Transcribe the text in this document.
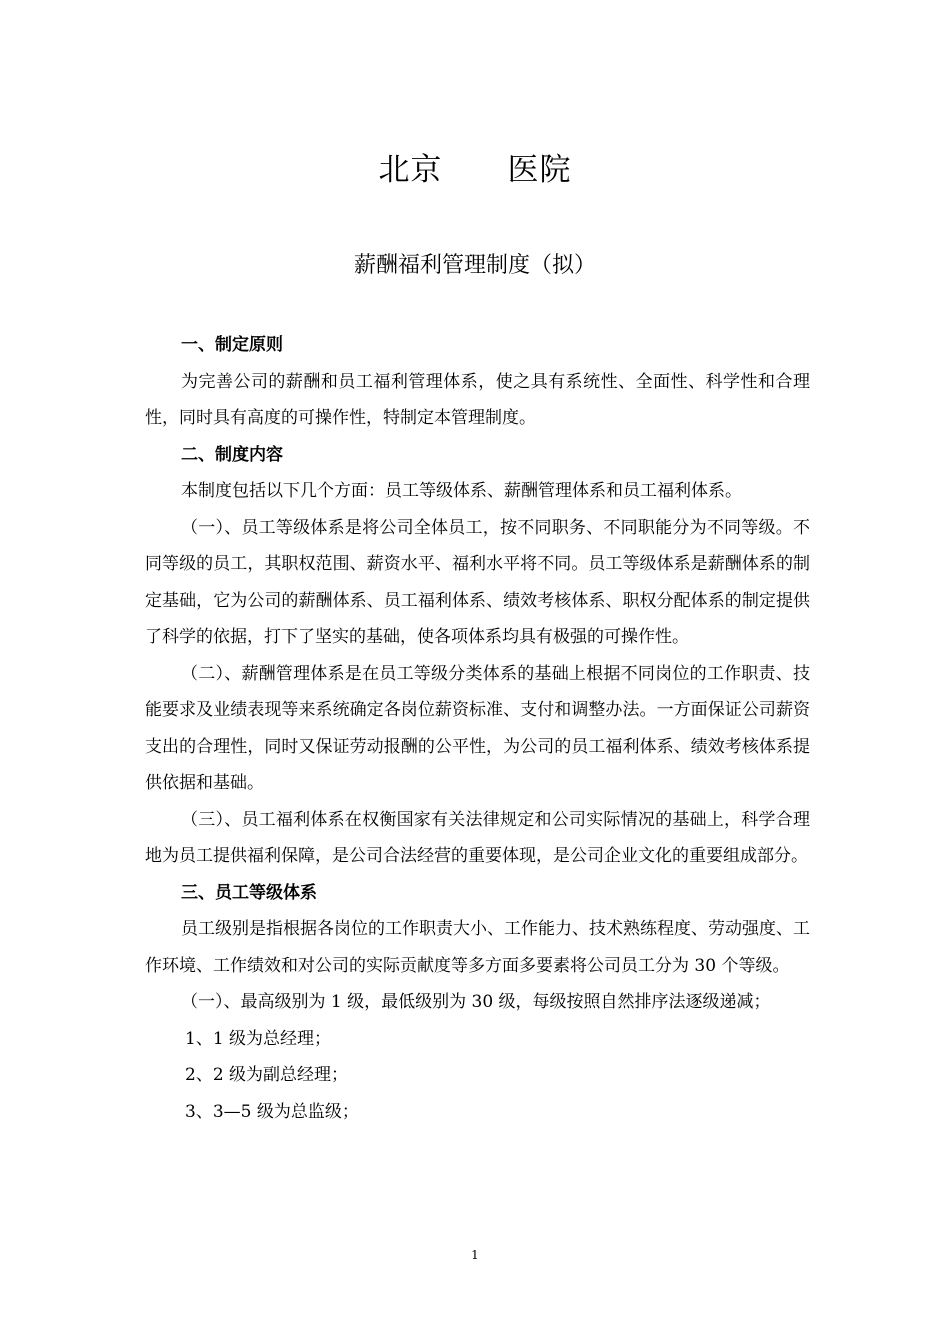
北京      医院
薪酬福利管理制度（拟）
一、制定原则
为完善公司的薪酬和员工福利管理体系，使之具有系统性、全面性、科学性和合理性，同时具有高度的可操作性，特制定本管理制度。
二、制度内容
本制度包括以下几个方面：员工等级体系、薪酬管理体系和员工福利体系。
（一）、员工等级体系是将公司全体员工，按不同职务、不同职能分为不同等级。不同等级的员工，其职权范围、薪资水平、福利水平将不同。员工等级体系是薪酬体系的制定基础，它为公司的薪酬体系、员工福利体系、绩效考核体系、职权分配体系的制定提供了科学的依据，打下了坚实的基础，使各项体系均具有极强的可操作性。
（二）、薪酬管理体系是在员工等级分类体系的基础上根据不同岗位的工作职责、技能要求及业绩表现等来系统确定各岗位薪资标准、支付和调整办法。一方面保证公司薪资支出的合理性，同时又保证劳动报酬的公平性，为公司的员工福利体系、绩效考核体系提供依据和基础。
（三）、员工福利体系在权衡国家有关法律规定和公司实际情况的基础上，科学合理地为员工提供福利保障，是公司合法经营的重要体现，是公司企业文化的重要组成部分。
三、员工等级体系
员工级别是指根据各岗位的工作职责大小、工作能力、技术熟练程度、劳动强度、工作环境、工作绩效和对公司的实际贡献度等多方面多要素将公司员工分为 30 个等级。
（一）、最高级别为 1 级，最低级别为 30 级，每级按照自然排序法逐级递减；
1、1 级为总经理；
2、2 级为副总经理；
3、3—5 级为总监级；
1
